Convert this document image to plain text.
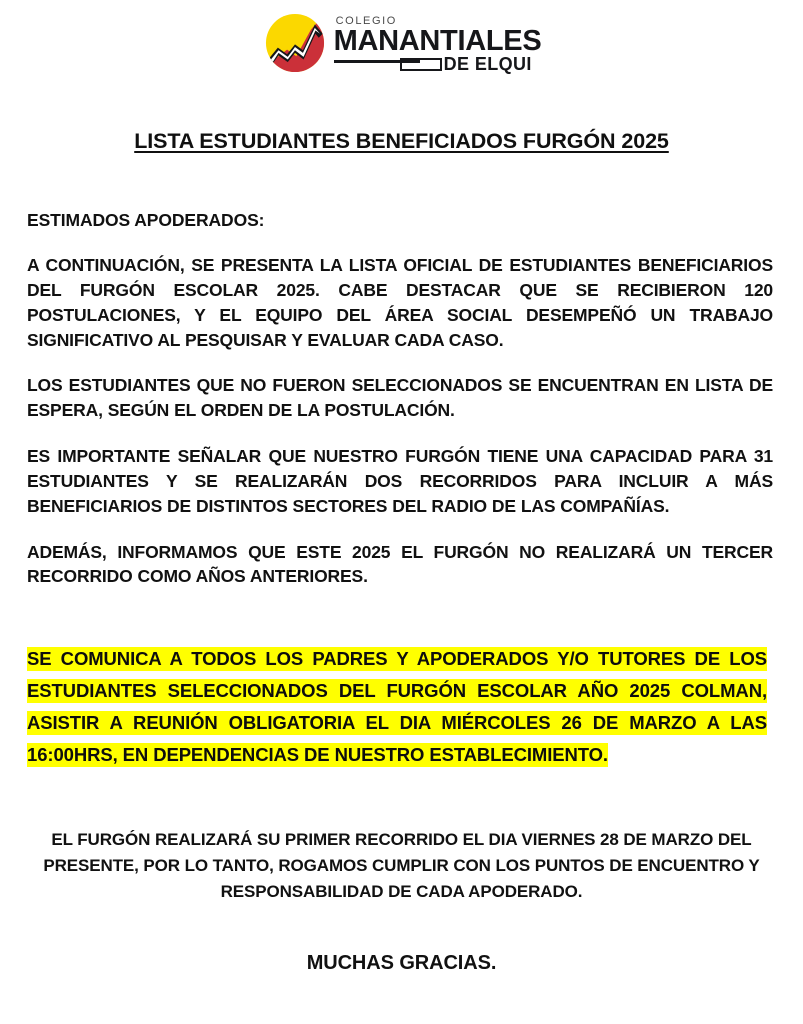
COLEGIO
MANANTIALES
DE ELQUI
LISTA ESTUDIANTES BENEFICIADOS FURGÓN 2025
ESTIMADOS APODERADOS:

A CONTINUACIÓN, SE PRESENTA LA LISTA OFICIAL DE ESTUDIANTES BENEFICIARIOS DEL FURGÓN ESCOLAR 2025. CABE DESTACAR QUE SE RECIBIERON 120 POSTULACIONES, Y EL EQUIPO DEL ÁREA SOCIAL DESEMPEÑÓ UN TRABAJO SIGNIFICATIVO AL PESQUISAR Y EVALUAR CADA CASO.

LOS ESTUDIANTES QUE NO FUERON SELECCIONADOS SE ENCUENTRAN EN LISTA DE ESPERA, SEGÚN EL ORDEN DE LA POSTULACIÓN.

ES IMPORTANTE SEÑALAR QUE NUESTRO FURGÓN TIENE UNA CAPACIDAD PARA 31 ESTUDIANTES Y SE REALIZARÁN DOS RECORRIDOS PARA INCLUIR A MÁS BENEFICIARIOS DE DISTINTOS SECTORES DEL RADIO DE LAS COMPAÑÍAS.

ADEMÁS, INFORMAMOS QUE ESTE 2025 EL FURGÓN NO REALIZARÁ UN TERCER RECORRIDO COMO AÑOS ANTERIORES.

SE COMUNICA A TODOS LOS PADRES Y APODERADOS Y/O TUTORES DE LOS ESTUDIANTES SELECCIONADOS DEL FURGÓN ESCOLAR AÑO 2025 COLMAN, ASISTIR A REUNIÓN OBLIGATORIA EL DIA MIÉRCOLES 26 DE MARZO A LAS 16:00HRS, EN DEPENDENCIAS DE NUESTRO ESTABLECIMIENTO.

EL FURGÓN REALIZARÁ SU PRIMER RECORRIDO EL DIA VIERNES 28 DE MARZO DEL PRESENTE, POR LO TANTO, ROGAMOS CUMPLIR CON LOS PUNTOS DE ENCUENTRO Y RESPONSABILIDAD DE CADA APODERADO.
MUCHAS GRACIAS.
